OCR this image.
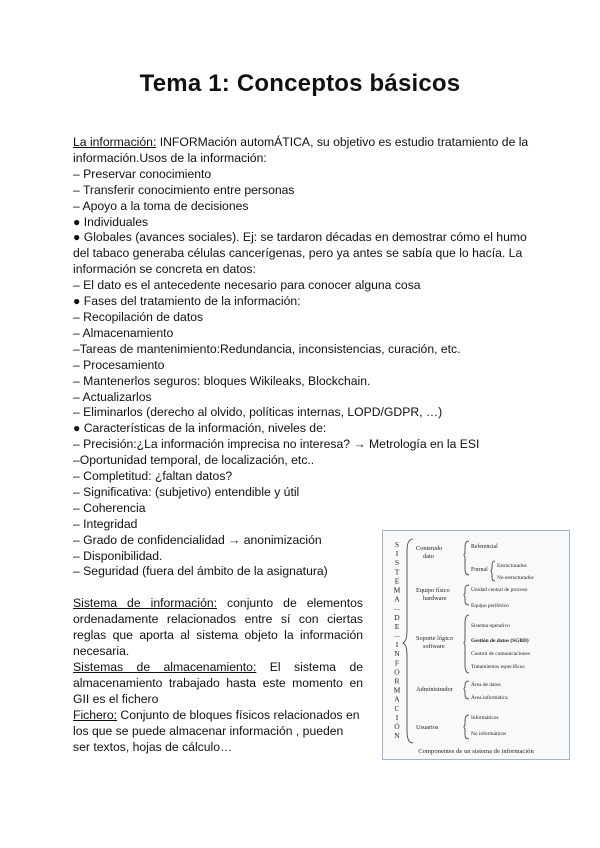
Tema 1: Conceptos básicos
La información: INFORMación automÁTICA, su objetivo es estudio tratamiento de la
información.Usos de la información:
– Preservar conocimiento
– Transferir conocimiento entre personas
– Apoyo a la toma de decisiones
● Individuales
● Globales (avances sociales). Ej: se tardaron décadas en demostrar cómo el humo
del tabaco generaba células cancerígenas, pero ya antes se sabía que lo hacía. La
información se concreta en datos:
– El dato es el antecedente necesario para conocer alguna cosa
● Fases del tratamiento de la información:
– Recopilación de datos
– Almacenamiento
–Tareas de mantenimiento:Redundancia, inconsistencias, curación, etc.
– Procesamiento
– Mantenerlos seguros: bloques Wikileaks, Blockchain.
– Actualizarlos
– Eliminarlos (derecho al olvido, políticas internas, LOPD/GDPR, …)
● Características de la información, niveles de:
– Precisión:¿La información imprecisa no interesa? → Metrología en la ESI
–Oportunidad temporal, de localización, etc..
– Completitud: ¿faltan datos?
– Significativa: (subjetivo) entendible y útil
– Coherencia
– Integridad
– Grado de confidencialidad → anonimización
– Disponibilidad.
– Seguridad (fuera del ámbito de la asignatura)
Sistema de información: conjunto de elementos ordenadamente relacionados entre sí con ciertas reglas que aporta al sistema objeto la información necesaria.
Sistemas de almacenamiento: El sistema de almacenamiento trabajado hasta este momento en GII es el fichero
Fichero: Conjunto de bloques físicos relacionados en los que se puede almacenar información , pueden ser textos, hojas de cálculo…
S
I
S
T
E
M
A
—
D
E
—
I
N
F
O
R
M
A
C
I
Ó
N
Contenido
dato
Equipo físico
hardware
Soporte lógico
software
Administrador
Usuarios
Referencial
Formal
Estructurados
No estructurados
Unidad central de proceso
Equipo periférico
Sistema operativo
Gestión de datos (SGBD)
Control de comunicaciones
Tratamientos específicos
Área de datos
Área informática
Informáticos
No informáticos
Componentes de un sistema de información
